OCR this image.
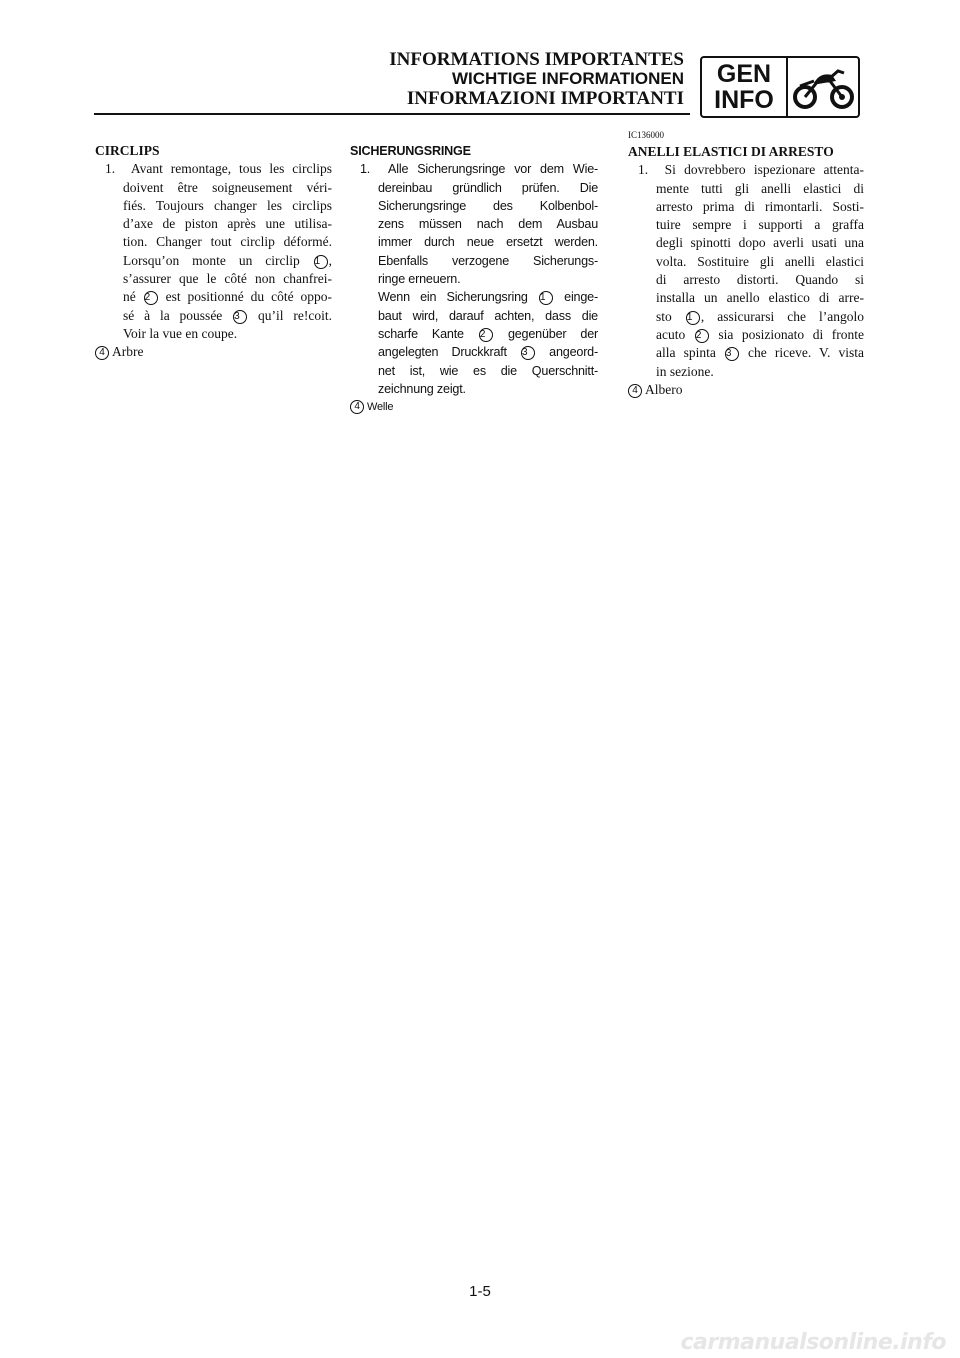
INFORMATIONS IMPORTANTES
WICHTIGE INFORMATIONEN
INFORMAZIONI IMPORTANTI
GEN
INFO
CIRCLIPS
1. Avant remontage, tous les circlips
doivent être soigneusement véri-
fiés. Toujours changer les circlips
d’axe de piston après une utilisa-
tion. Changer tout circlip déformé.
Lorsqu’on monte un circlip 1 ,
s’assurer que le côté non chanfrei-
né 2 est positionné du côté oppo-
sé à la poussée 3 qu’il re!coit.
Voir la vue en coupe.
4 Arbre
SICHERUNGSRINGE
1. Alle Sicherungsringe vor dem Wie-
dereinbau gründlich prüfen. Die
Sicherungsringe des Kolbenbol-
zens müssen nach dem Ausbau
immer durch neue ersetzt werden.
Ebenfalls verzogene Sicherungs-
ringe erneuern.
Wenn ein Sicherungsring 1 einge-
baut wird, darauf achten, dass die
scharfe Kante 2 gegenüber der
angelegten Druckkraft 3 angeord-
net ist, wie es die Querschnitt-
zeichnung zeigt.
4 Welle
IC136000
ANELLI ELASTICI DI ARRESTO
1. Si dovrebbero ispezionare attenta-
mente tutti gli anelli elastici di
arresto prima di rimontarli. Sosti-
tuire sempre i supporti a graffa
degli spinotti dopo averli usati una
volta. Sostituire gli anelli elastici
di arresto distorti. Quando si
installa un anello elastico di arre-
sto 1 , assicurarsi che l’angolo
acuto 2 sia posizionato di fronte
alla spinta 3 che riceve. V. vista
in sezione.
4 Albero
1-5
carmanualsonline.info
